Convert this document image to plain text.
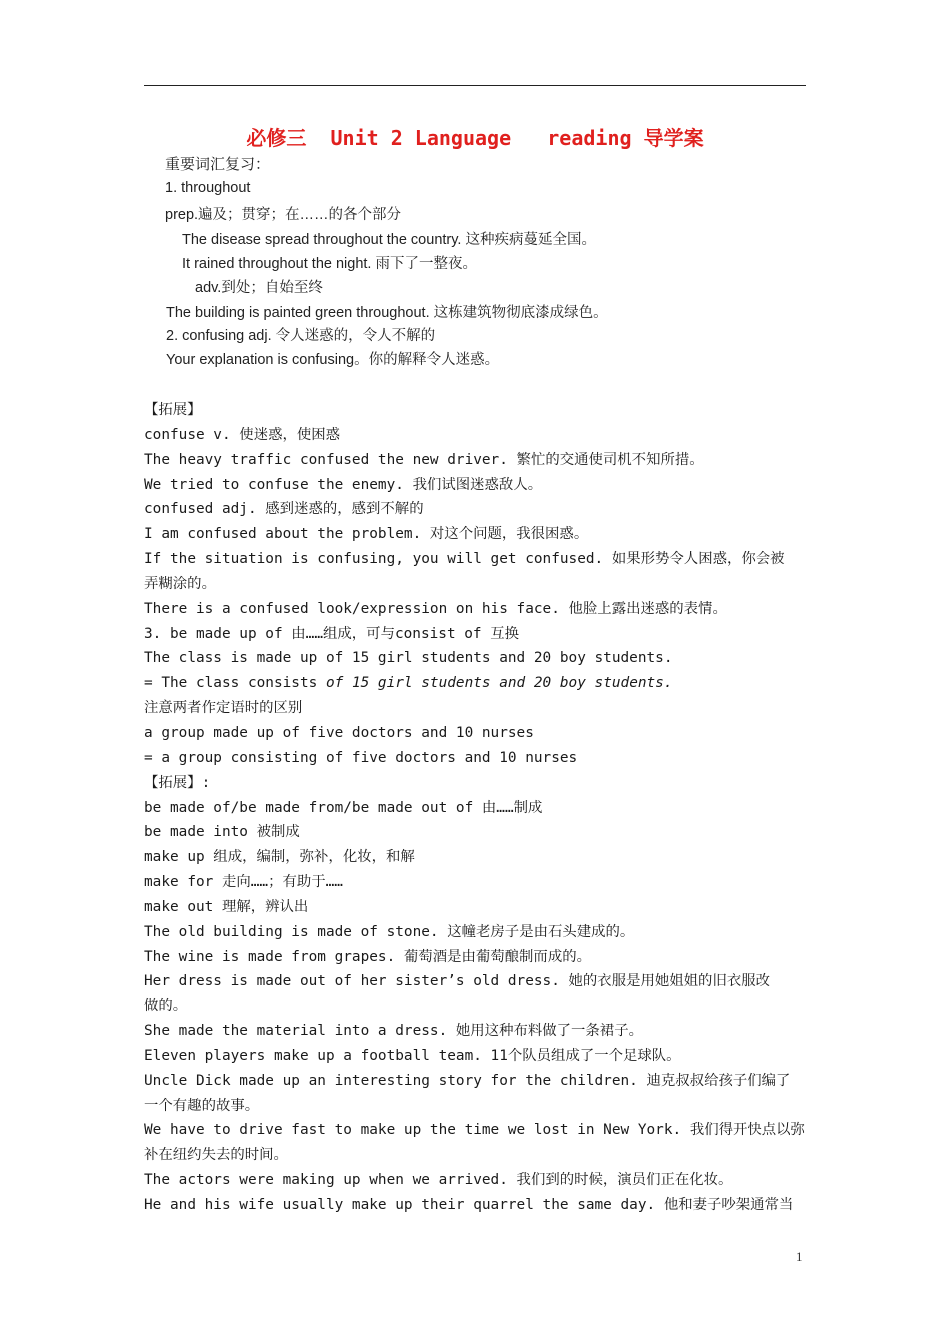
必修三  Unit 2 Language   reading 导学案
重要词汇复习：
1. throughout
prep.遍及；贯穿；在……的各个部分
The disease spread throughout the country. 这种疾病蔓延全国。
It rained throughout the night. 雨下了一整夜。
adv.到处；自始至终
The building is painted green throughout. 这栋建筑物彻底漆成绿色。
2. confusing adj. 令人迷惑的，令人不解的
Your explanation is confusing。你的解释令人迷惑。
【拓展】
confuse v. 使迷惑，使困惑
The heavy traffic confused the new driver. 繁忙的交通使司机不知所措。
We tried to confuse the enemy. 我们试图迷惑敌人。
confused adj. 感到迷惑的，感到不解的
I am confused about the problem. 对这个问题，我很困惑。
If the situation is confusing, you will get confused. 如果形势令人困惑，你会被
弄糊涂的。
There is a confused look/expression on his face. 他脸上露出迷惑的表情。
3. be made up of 由……组成，可与consist of 互换
The class is made up of 15 girl students and 20 boy students.
= The class consists of 15 girl students and 20 boy students.
注意两者作定语时的区别
a group made up of five doctors and 10 nurses
= a group consisting of five doctors and 10 nurses
【拓展】:
be made of/be made from/be made out of 由……制成
be made into 被制成
make up 组成，编制，弥补，化妆，和解
make for 走向……；有助于……
make out 理解，辨认出
The old building is made of stone. 这幢老房子是由石头建成的。
The wine is made from grapes. 葡萄酒是由葡萄酿制而成的。
Her dress is made out of her sister’s old dress. 她的衣服是用她姐姐的旧衣服改
做的。
She made the material into a dress. 她用这种布料做了一条裙子。
Eleven players make up a football team. 11个队员组成了一个足球队。
Uncle Dick made up an interesting story for the children. 迪克叔叔给孩子们编了
一个有趣的故事。
We have to drive fast to make up the time we lost in New York. 我们得开快点以弥
补在纽约失去的时间。
The actors were making up when we arrived. 我们到的时候，演员们正在化妆。
He and his wife usually make up their quarrel the same day. 他和妻子吵架通常当
1
